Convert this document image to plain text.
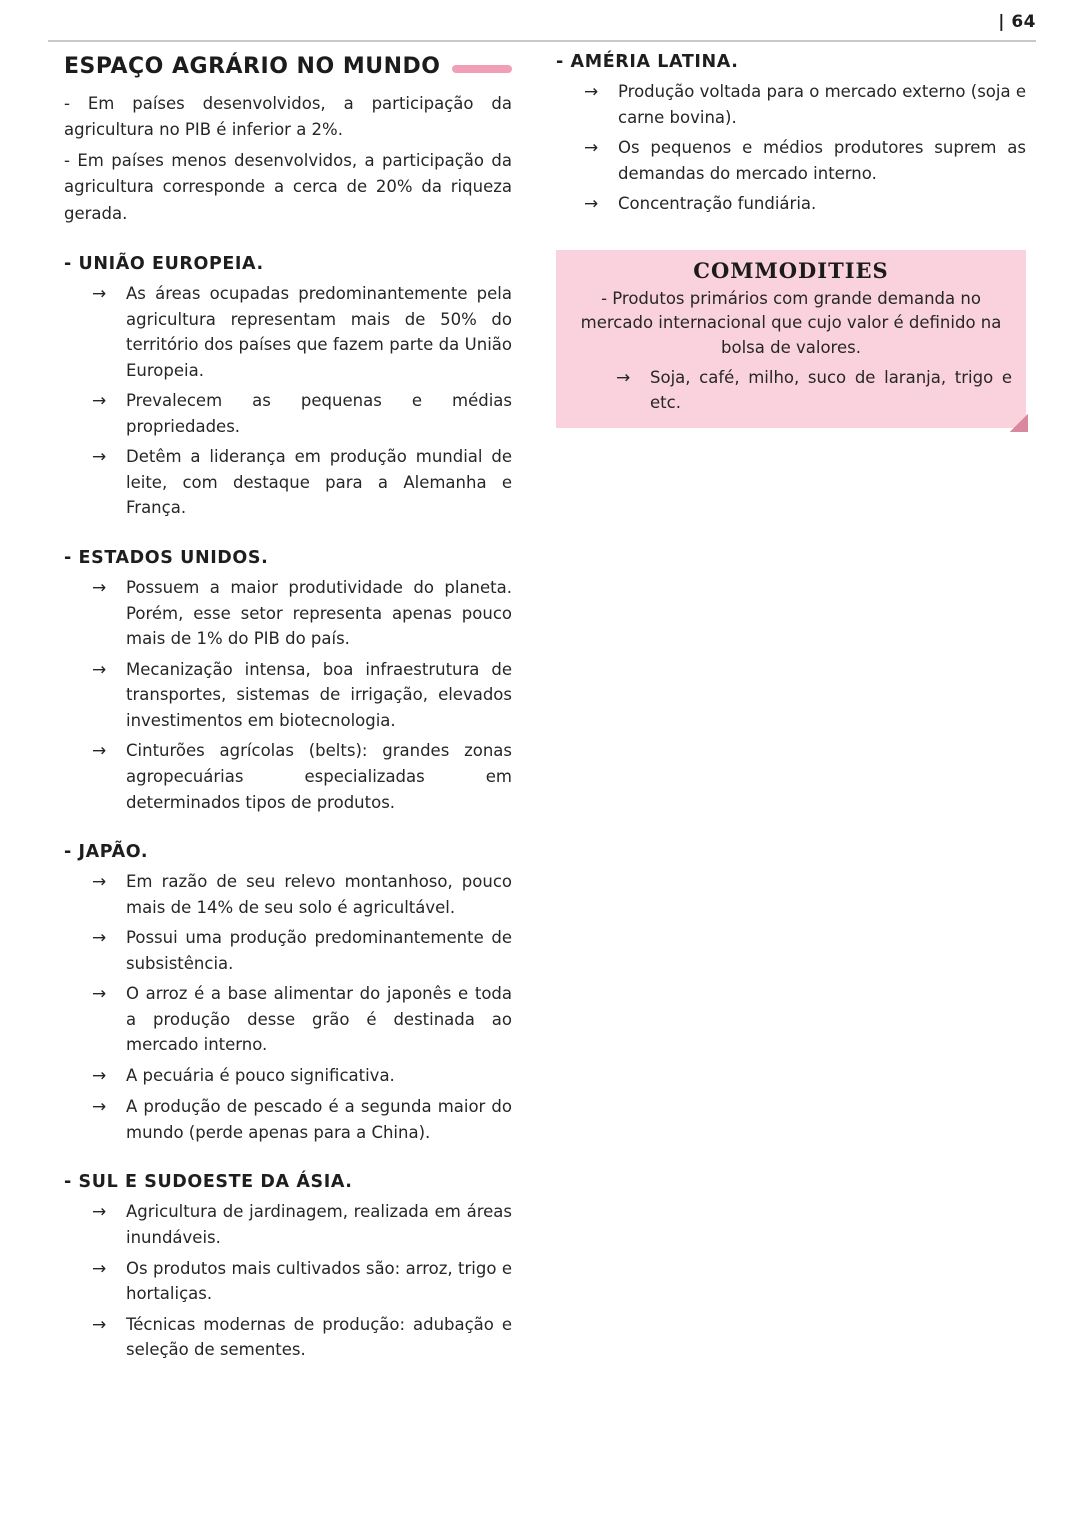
| 64
ESPAÇO AGRÁRIO NO MUNDO

- Em países desenvolvidos, a participação da agricultura no PIB é inferior a 2%.

- Em países menos desenvolvidos, a participação da agricultura corresponde a cerca de 20% da riqueza gerada.

- UNIÃO EUROPEIA.
→	As áreas ocupadas predominantemente pela agricultura representam mais de 50% do território dos países que fazem parte da União Europeia.
→	Prevalecem as pequenas e médias propriedades.
→	Detêm a liderança em produção mundial de leite, com destaque para a Alemanha e França.
- ESTADOS UNIDOS.
→	Possuem a maior produtividade do planeta. Porém, esse setor representa apenas pouco mais de 1% do PIB do país.
→	Mecanização intensa, boa infraestrutura de transportes, sistemas de irrigação, elevados investimentos em biotecnologia.
→	Cinturões agrícolas (belts): grandes zonas agropecuárias especializadas em determinados tipos de produtos.
- JAPÃO.
→	Em razão de seu relevo montanhoso, pouco mais de 14% de seu solo é agricultável.
→	Possui uma produção predominantemente de subsistência.
→	O arroz é a base alimentar do japonês e toda a produção desse grão é destinada ao mercado interno.
→	A pecuária é pouco significativa.
→	A produção de pescado é a segunda maior do mundo (perde apenas para a China).
- SUL E SUDOESTE DA ÁSIA.
→	Agricultura de jardinagem, realizada em áreas inundáveis.
→	Os produtos mais cultivados são: arroz, trigo e hortaliças.
→	Técnicas modernas de produção: adubação e seleção de sementes.
- AMÉRIA LATINA.
→	Produção voltada para o mercado externo (soja e carne bovina).
→	Os pequenos e médios produtores suprem as demandas do mercado interno.
→	Concentração fundiária.
COMMODITIES

- Produtos primários com grande demanda no mercado internacional que cujo valor é definido na bolsa de valores.

→	Soja, café, milho, suco de laranja, trigo e etc.
